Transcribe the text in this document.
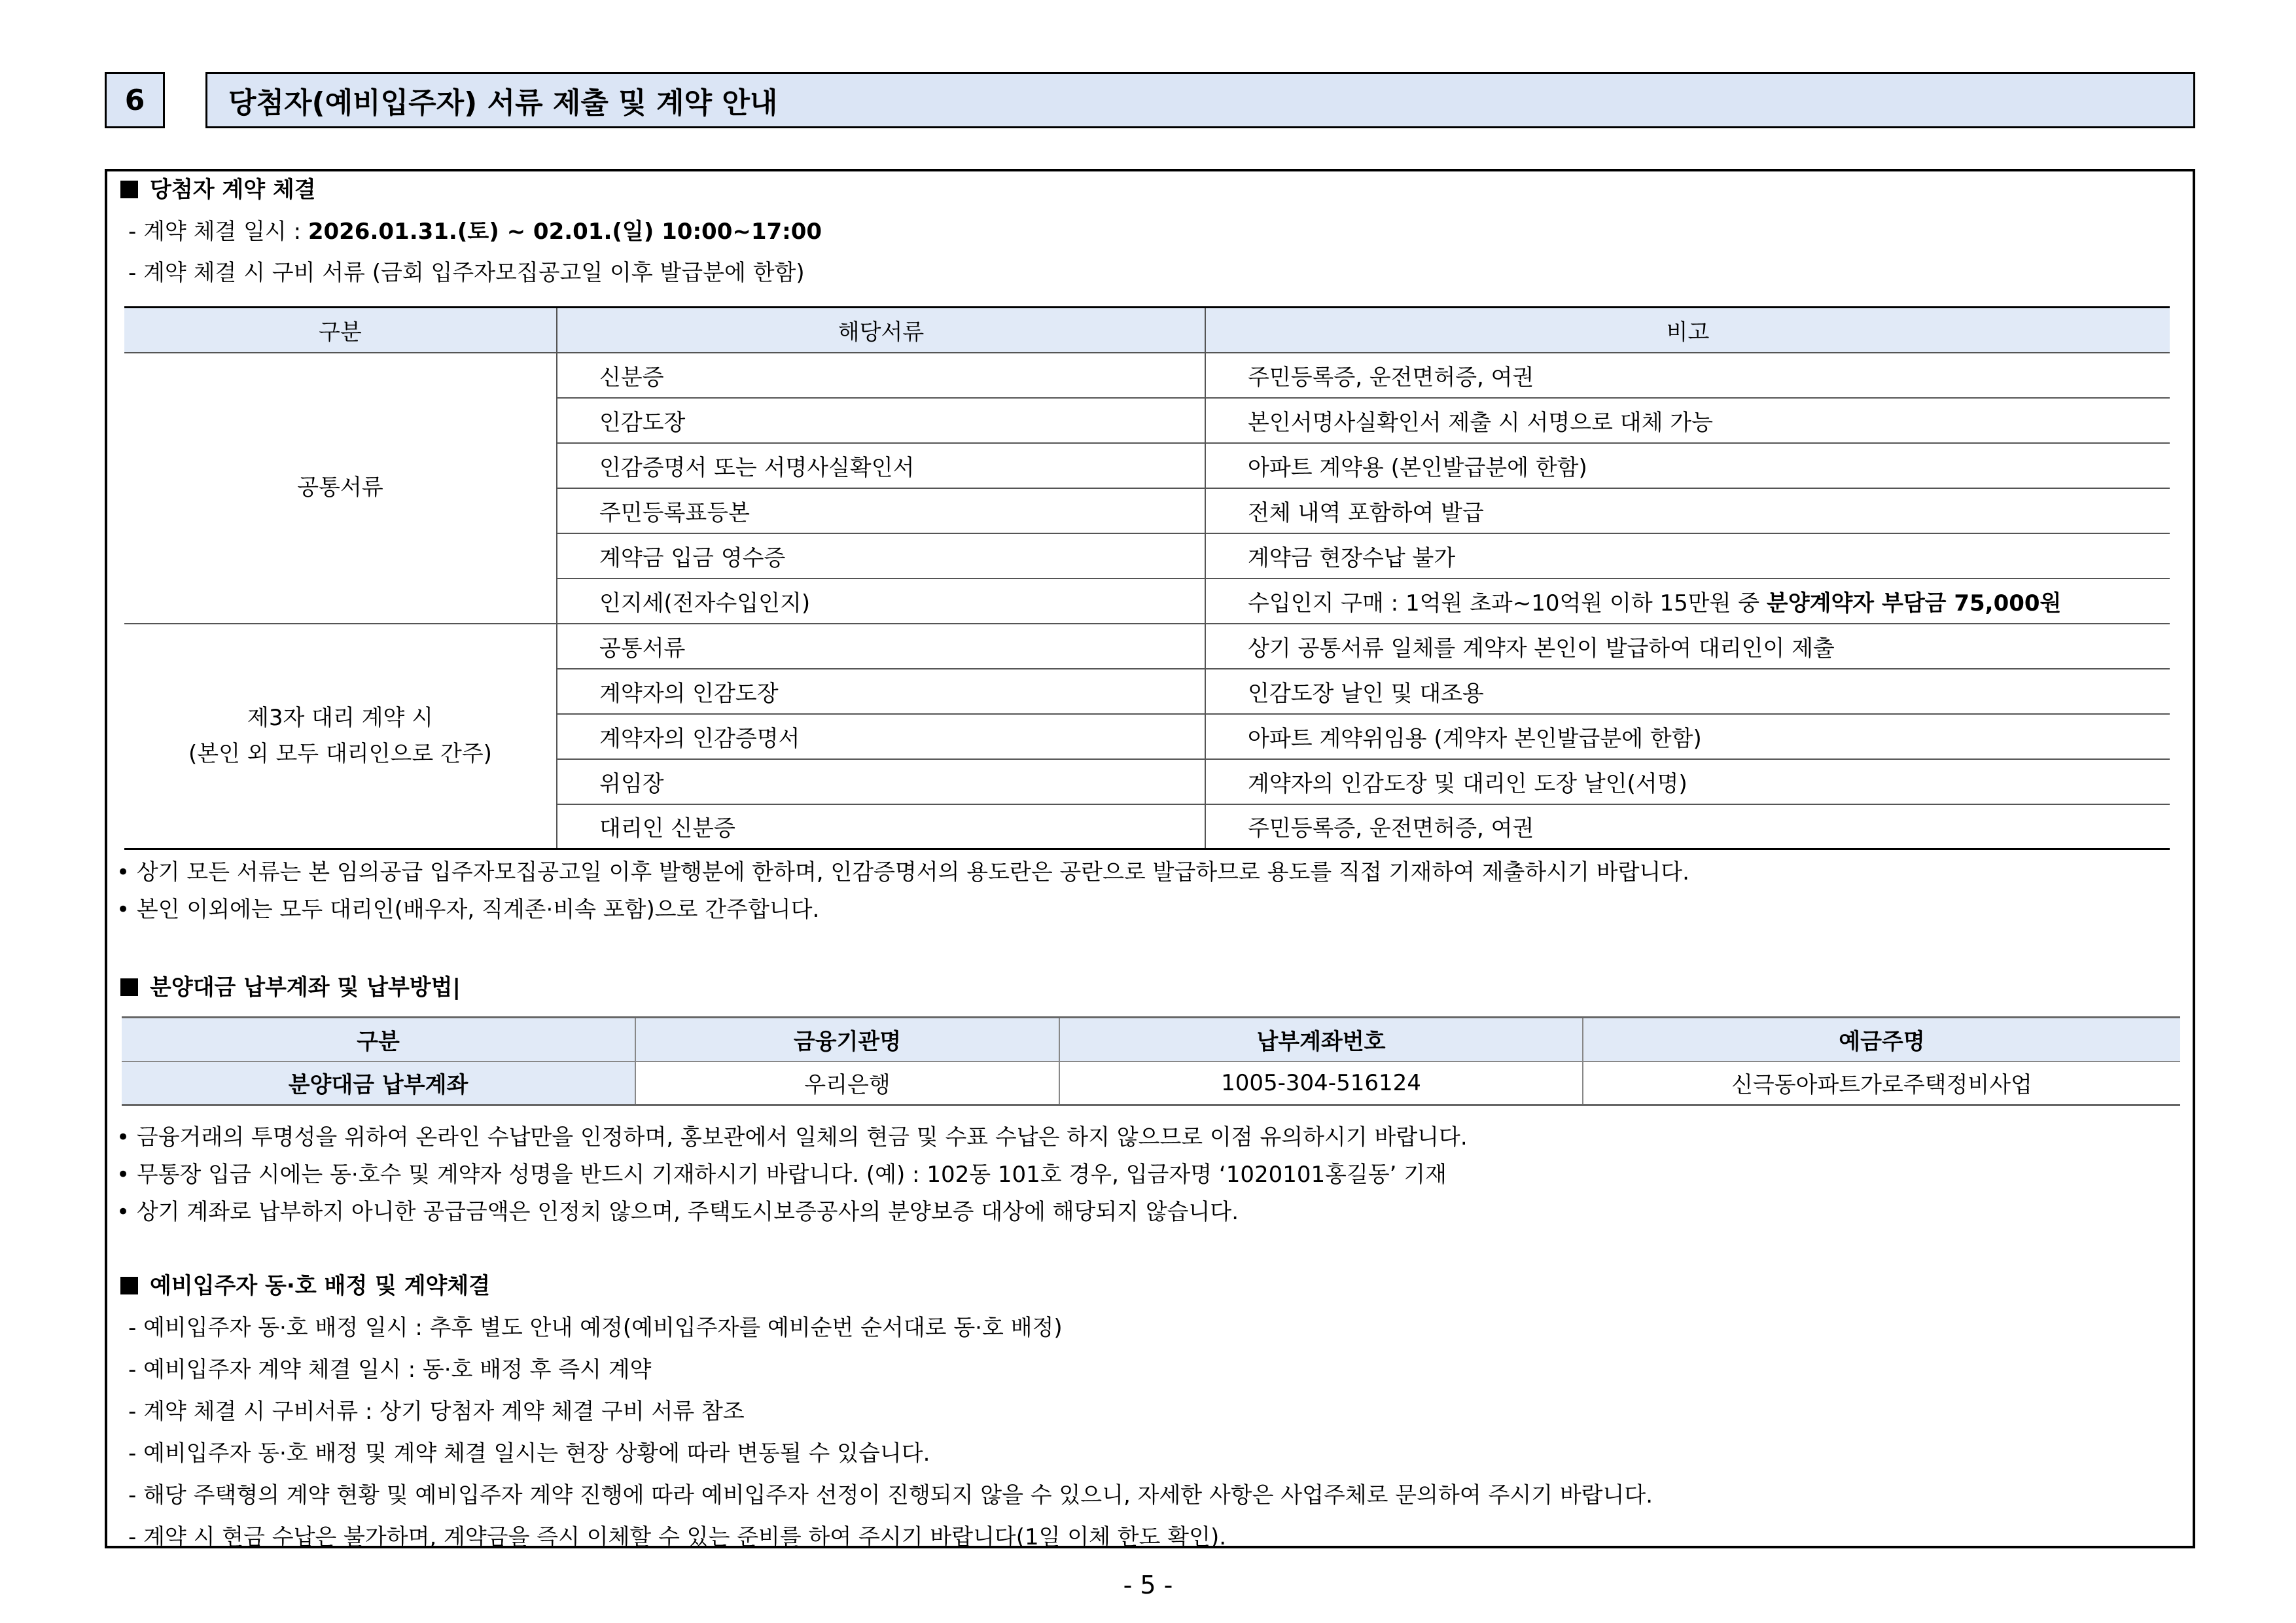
6	당첨자(예비입주자) 서류 제출 및 계약 안내
당첨자 계약 체결
- 계약 체결 일시 : 2026.01.31.(토) ~ 02.01.(일) 10:00~17:00
- 계약 체결 시 구비 서류 (금회 입주자모집공고일 이후 발급분에 한함)
구분	해당서류	비고
공통서류	신분증	주민등록증, 운전면허증, 여권
	인감도장	본인서명사실확인서 제출 시 서명으로 대체 가능
	인감증명서 또는 서명사실확인서	아파트 계약용 (본인발급분에 한함)
	주민등록표등본	전체 내역 포함하여 발급
	계약금 입금 영수증	계약금 현장수납 불가
	인지세(전자수입인지)	수입인지 구매 : 1억원 초과~10억원 이하 15만원 중 분양계약자 부담금 75,000원

제3자 대리 계약 시
(본인 외 모두 대리인으로 간주)	공통서류	상기 공통서류 일체를 계약자 본인이 발급하여 대리인이 제출
	계약자의 인감도장	인감도장 날인 및 대조용
	계약자의 인감증명서	아파트 계약위임용 (계약자 본인발급분에 한함)
	위임장	계약자의 인감도장 및 대리인 도장 날인(서명)
	대리인 신분증	주민등록증, 운전면허증, 여권
• 상기 모든 서류는 본 임의공급 입주자모집공고일 이후 발행분에 한하며, 인감증명서의 용도란은 공란으로 발급하므로 용도를 직접 기재하여 제출하시기 바랍니다.
• 본인 이외에는 모두 대리인(배우자, 직계존·비속 포함)으로 간주합니다.
분양대금 납부계좌 및 납부방법|
구분	금융기관명	납부계좌번호	예금주명
분양대금 납부계좌	우리은행	1005-304-516124	신극동아파트가로주택정비사업
• 금융거래의 투명성을 위하여 온라인 수납만을 인정하며, 홍보관에서 일체의 현금 및 수표 수납은 하지 않으므로 이점 유의하시기 바랍니다.
• 무통장 입금 시에는 동·호수 및 계약자 성명을 반드시 기재하시기 바랍니다. (예) : 102동 101호 경우, 입금자명 ‘1020101홍길동’ 기재
• 상기 계좌로 납부하지 아니한 공급금액은 인정치 않으며, 주택도시보증공사의 분양보증 대상에 해당되지 않습니다.
예비입주자 동·호 배정 및 계약체결
- 예비입주자 동·호 배정 일시 : 추후 별도 안내 예정(예비입주자를 예비순번 순서대로 동·호 배정)
- 예비입주자 계약 체결 일시 : 동·호 배정 후 즉시 계약
- 계약 체결 시 구비서류 : 상기 당첨자 계약 체결 구비 서류 참조
- 예비입주자 동·호 배정 및 계약 체결 일시는 현장 상황에 따라 변동될 수 있습니다.
- 해당 주택형의 계약 현황 및 예비입주자 계약 진행에 따라 예비입주자 선정이 진행되지 않을 수 있으니, 자세한 사항은 사업주체로 문의하여 주시기 바랍니다.
- 계약 시 현금 수납은 불가하며, 계약금을 즉시 이체할 수 있는 준비를 하여 주시기 바랍니다(1일 이체 한도 확인).
- 5 -
